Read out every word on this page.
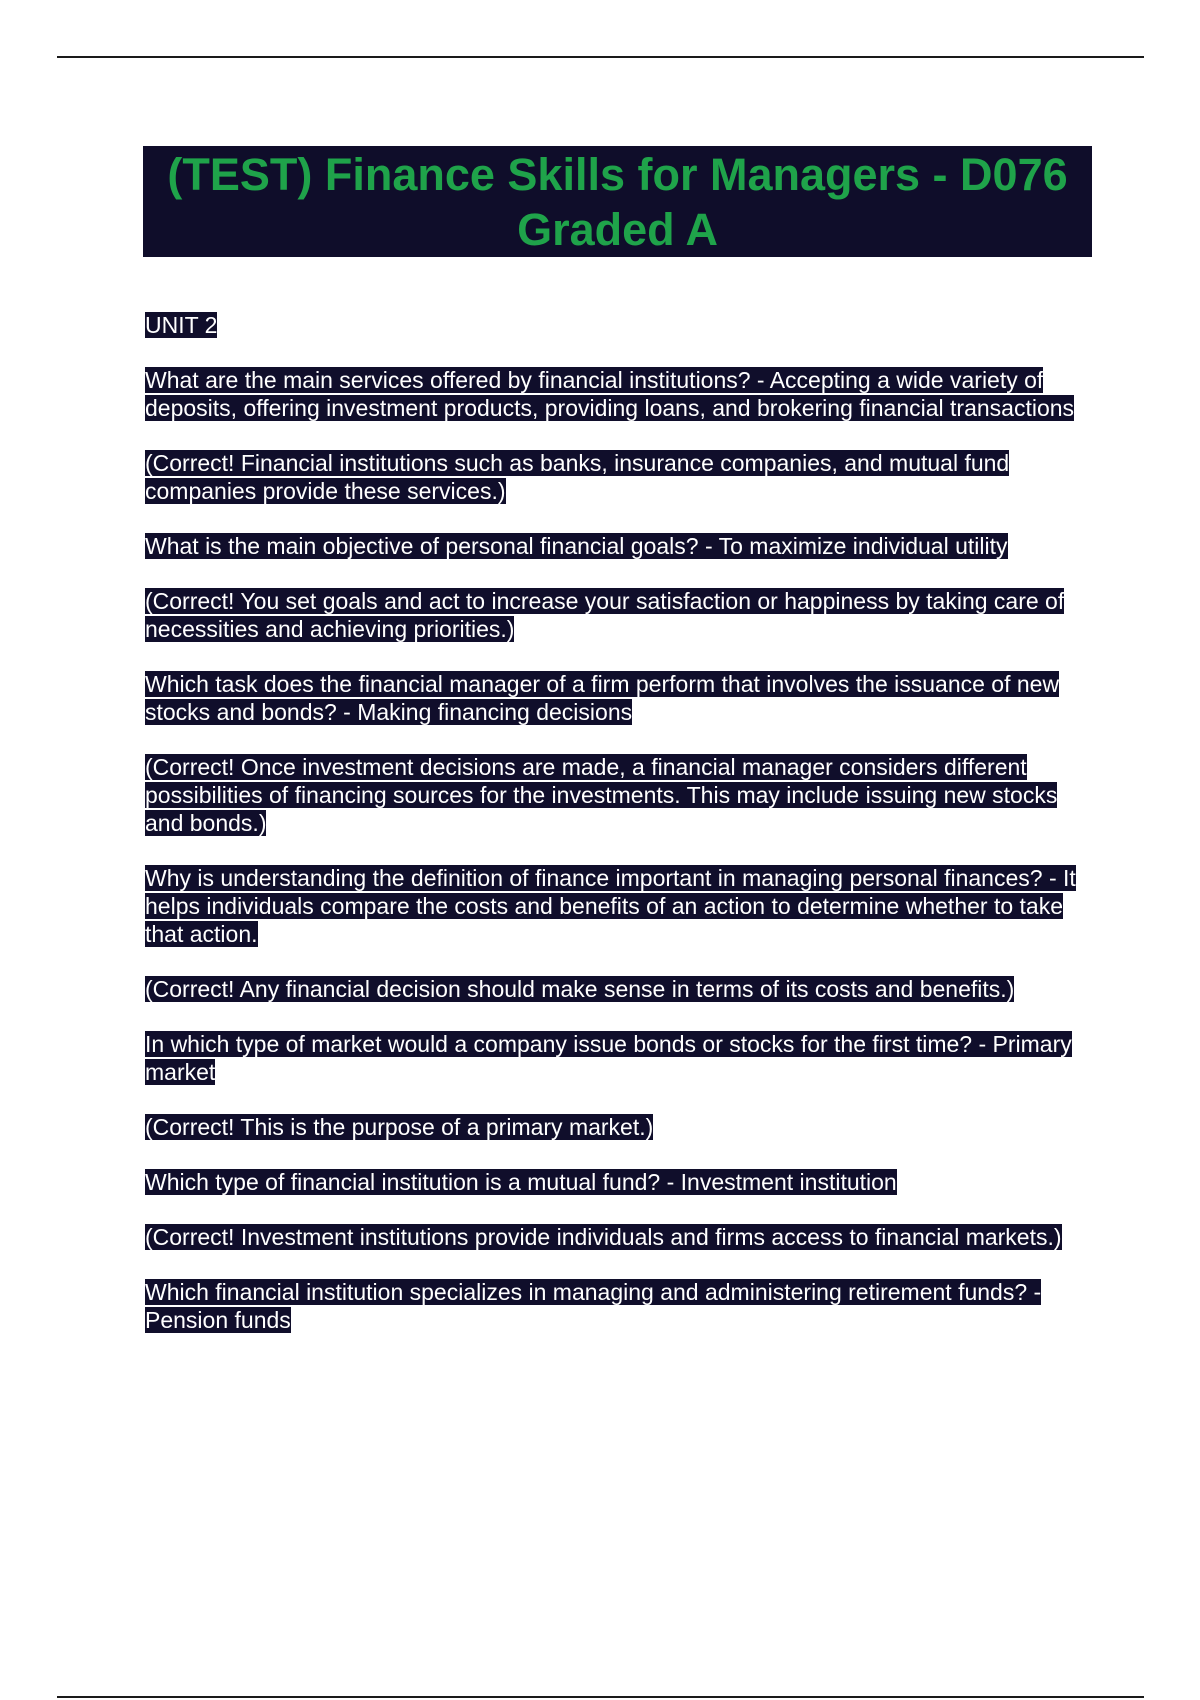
(TEST) Finance Skills for Managers - D076 Graded A

UNIT 2

What are the main services offered by financial institutions? - Accepting a wide variety of deposits, offering investment products, providing loans, and brokering financial transactions

(Correct! Financial institutions such as banks, insurance companies, and mutual fund companies provide these services.)

What is the main objective of personal financial goals? - To maximize individual utility

(Correct! You set goals and act to increase your satisfaction or happiness by taking care of necessities and achieving priorities.)

Which task does the financial manager of a firm perform that involves the issuance of new stocks and bonds? - Making financing decisions

(Correct! Once investment decisions are made, a financial manager considers different possibilities of financing sources for the investments. This may include issuing new stocks and bonds.)

Why is understanding the definition of finance important in managing personal finances? - It helps individuals compare the costs and benefits of an action to determine whether to take that action.

(Correct! Any financial decision should make sense in terms of its costs and benefits.)

In which type of market would a company issue bonds or stocks for the first time? - Primary market

(Correct! This is the purpose of a primary market.)

Which type of financial institution is a mutual fund? - Investment institution

(Correct! Investment institutions provide individuals and firms access to financial markets.)

Which financial institution specializes in managing and administering retirement funds? - Pension funds
